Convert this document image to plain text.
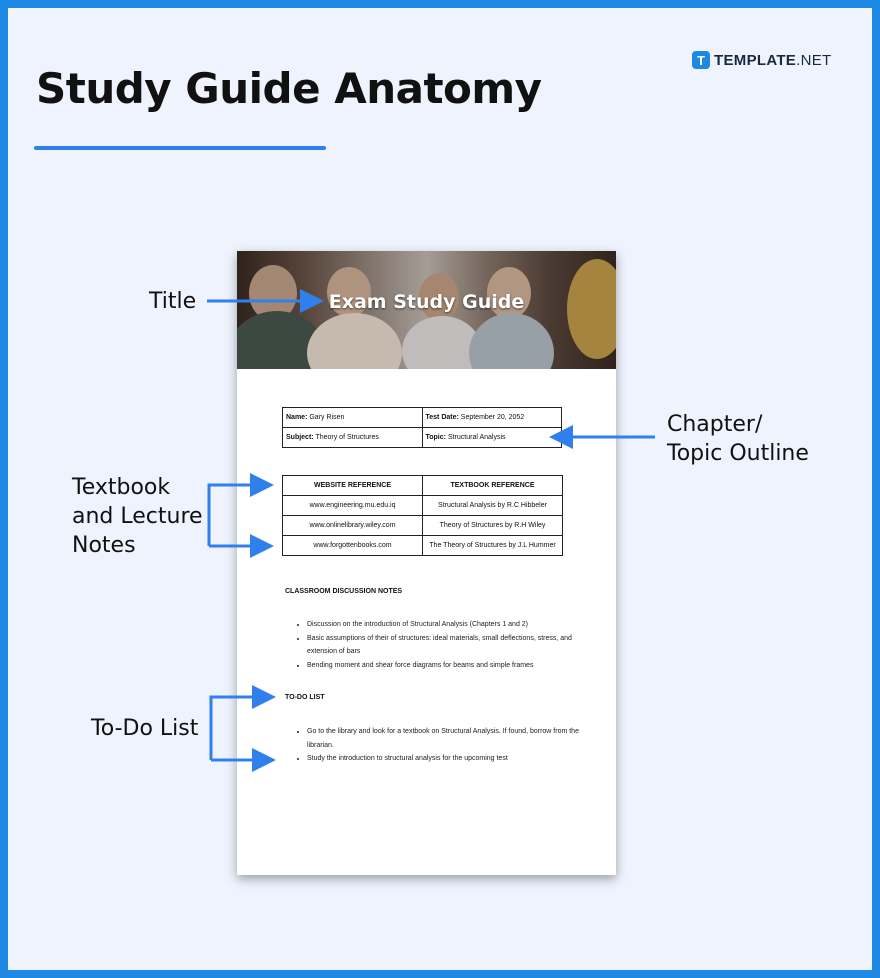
Study Guide Anatomy
T TEMPLATE.NET
Title
Chapter/
Topic Outline
Textbook
and Lecture
Notes
To-Do List
Exam Study Guide
Name: Gary Risen	Test Date: September 20, 2052
Subject: Theory of Structures	Topic: Structural Analysis
WEBSITE REFERENCE	TEXTBOOK REFERENCE
www.engineering.mu.edu.iq	Structural Analysis by R.C Hibbeler
www.onlinelibrary.wiley.com	Theory of Structures by R.H Wiley
www.forgottenbooks.com	The Theory of Structures by J.L Hummer
CLASSROOM DISCUSSION NOTES
• Discussion on the introduction of Structural Analysis (Chapters 1 and 2)
• Basic assumptions of their of structures: ideal materials, small deflections, stress, and extension of bars
• Bending moment and shear force diagrams for beams and simple frames
TO-DO LIST
• Go to the library and look for a textbook on Structural Analysis. If found, borrow from the librarian.
• Study the introduction to structural analysis for the upcoming test
